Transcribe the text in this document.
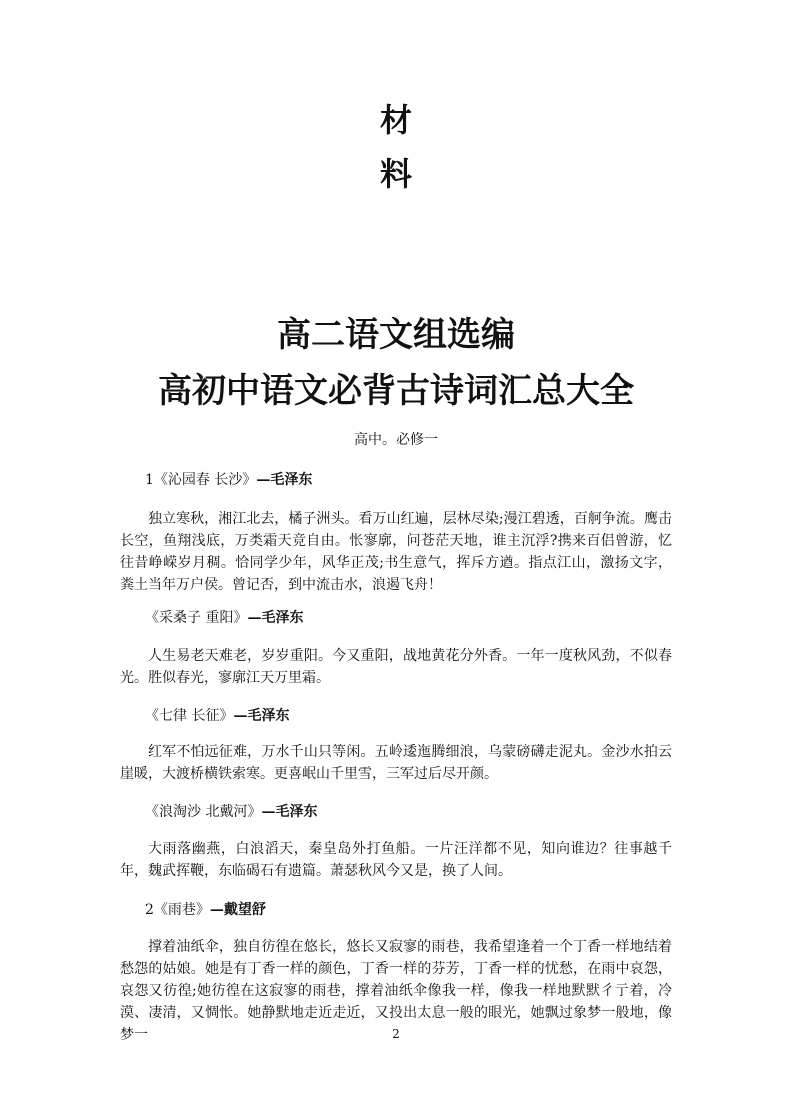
材
料
高二语文组选编
高初中语文必背古诗词汇总大全
高中。必修一
1《沁园春 长沙》—毛泽东
独立寒秋，湘江北去，橘子洲头。看万山红遍，层林尽染;漫江碧透，百舸争流。鹰击长空，鱼翔浅底，万类霜天竞自由。怅寥廓，问苍茫天地，谁主沉浮?携来百侣曾游，忆往昔峥嵘岁月稠。恰同学少年，风华正茂;书生意气，挥斥方遒。指点江山，激扬文字， 粪土当年万户侯。曾记否，到中流击水，浪遏飞舟！
《采桑子 重阳》—毛泽东
人生易老天难老，岁岁重阳。今又重阳，战地黄花分外香。一年一度秋风劲，不似春光。胜似春光，寥廓江天万里霜。
《七律 长征》—毛泽东
红军不怕远征难，万水千山只等闲。五岭逶迤腾细浪，乌蒙磅礴走泥丸。金沙水拍云崖暖，大渡桥横铁索寒。更喜岷山千里雪，三军过后尽开颜。
《浪淘沙 北戴河》—毛泽东
大雨落幽燕，白浪滔天，秦皇岛外打鱼船。一片汪洋都不见，知向谁边？往事越千年，魏武挥鞭，东临碣石有遗篇。萧瑟秋风今又是，换了人间。
2《雨巷》—戴望舒
撑着油纸伞，独自彷徨在悠长，悠长又寂寥的雨巷，我希望逢着一个丁香一样地结着愁怨的姑娘。她是有丁香一样的颜色，丁香一样的芬芳，丁香一样的忧愁，在雨中哀怨，哀怨又彷徨;她彷徨在这寂寥的雨巷，撑着油纸伞像我一样，像我一样地默默彳亍着，冷漠、凄清，又惆怅。她静默地走近走近，又投出太息一般的眼光，她飘过象梦一般地，像梦一	2
